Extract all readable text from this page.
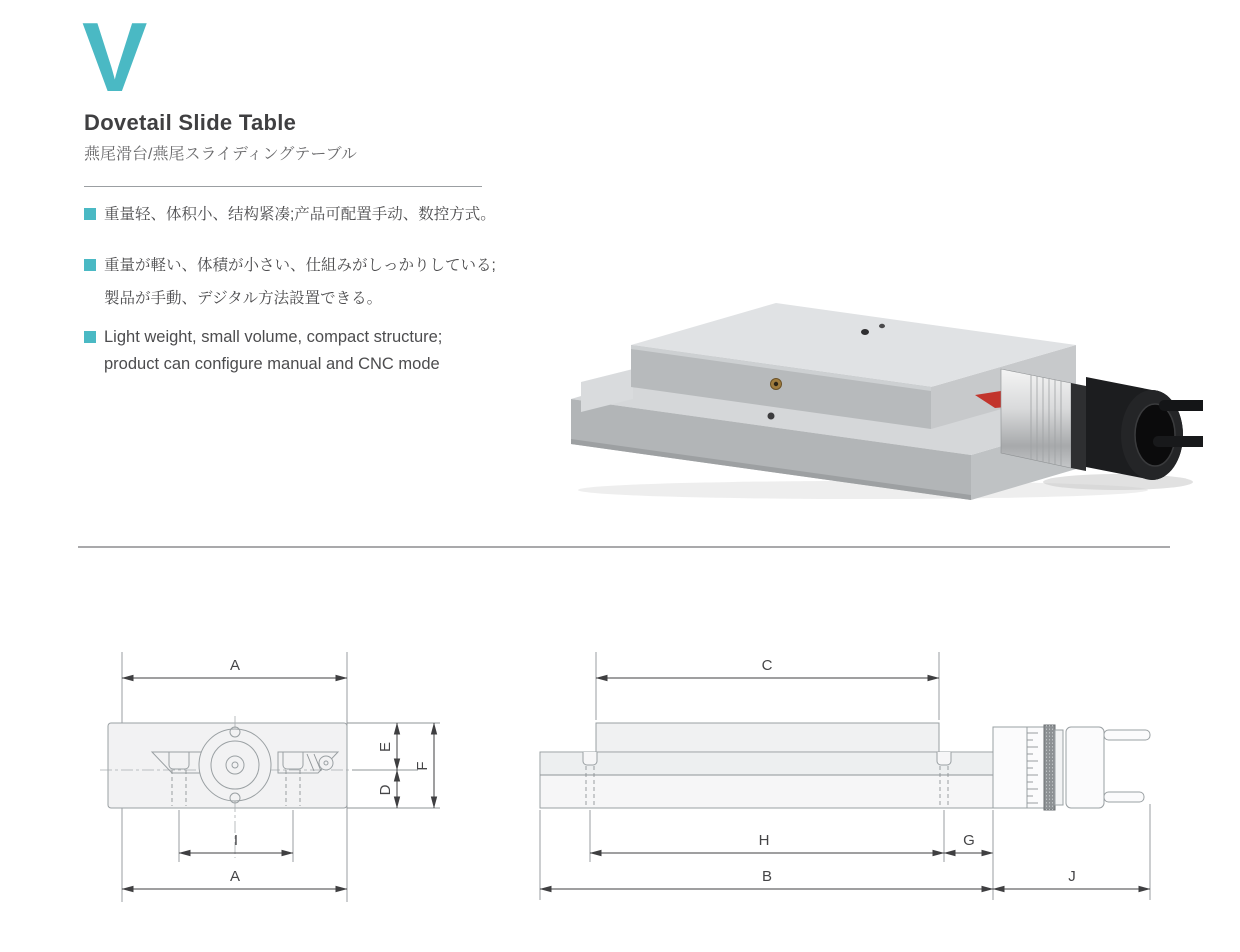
V
Dovetail Slide Table
燕尾滑台/燕尾スライディングテーブル
重量轻、体积小、结构紧凑;产品可配置手动、数控方式。
重量が軽い、体積が小さい、仕組みがしっかりしている;
製品が手動、デジタル方法設置できる。
Light weight, small volume, compact structure;
product can configure manual and CNC mode
A
E
D
F
I
A
C
H	G
B	J
